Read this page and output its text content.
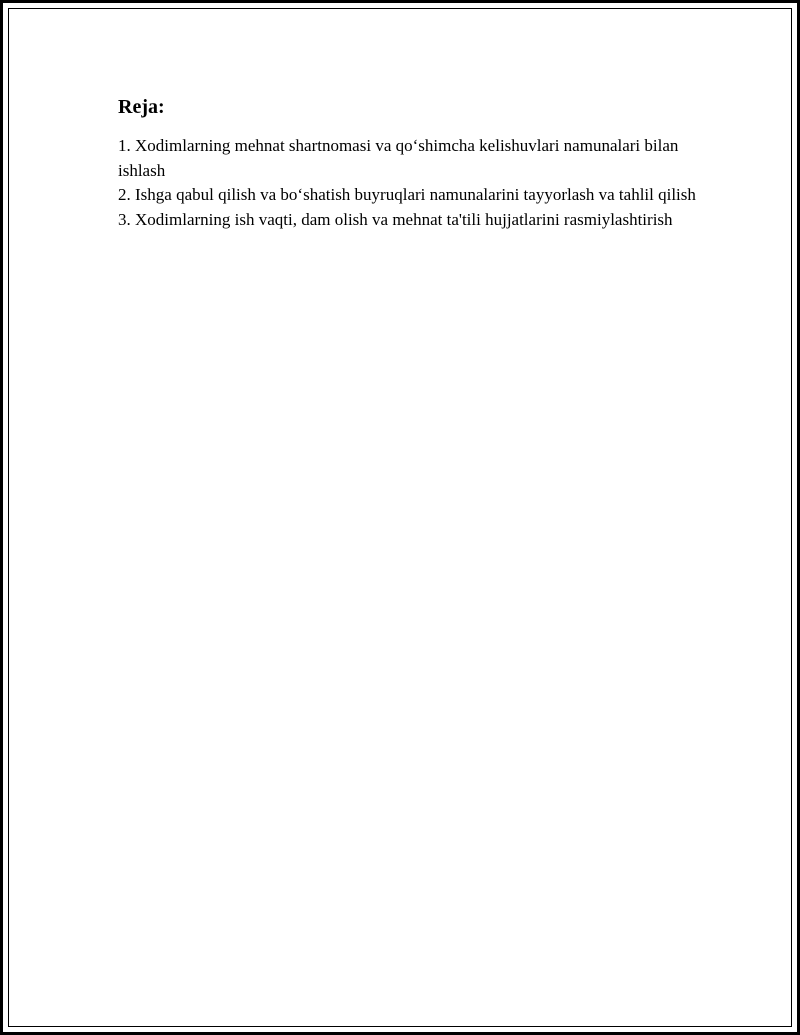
Reja:
1. Xodimlarning mehnat shartnomasi va qo‘shimcha kelishuvlari namunalari bilan ishlash
2. Ishga qabul qilish va bo‘shatish buyruqlari namunalarini tayyorlash va tahlil qilish
3. Xodimlarning ish vaqti, dam olish va mehnat ta'tili hujjatlarini rasmiylashtirish
